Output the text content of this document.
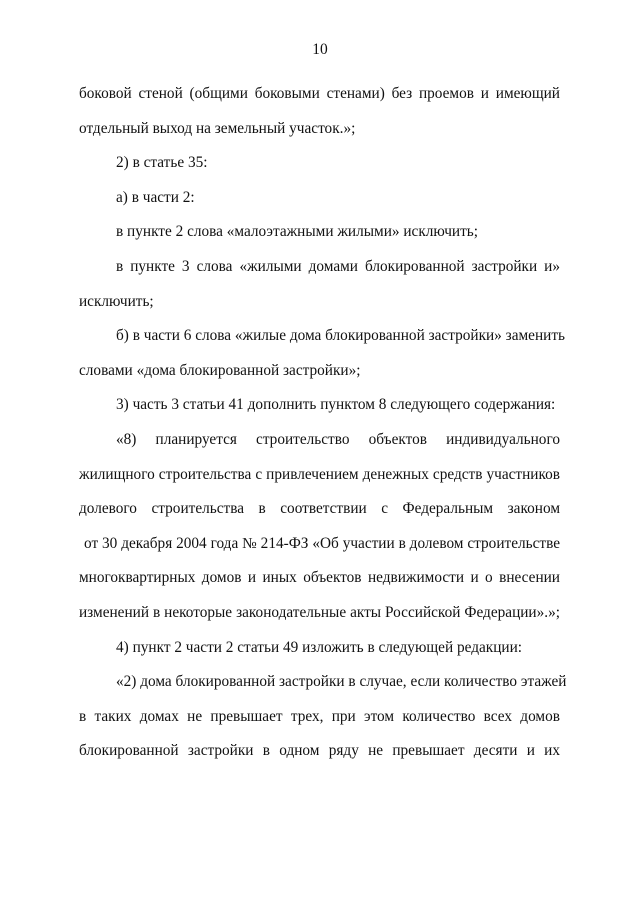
10
боковой стеной (общими боковыми стенами) без проемов и имеющий
отдельный выход на земельный участок.»;
2) в статье 35:
а) в части 2:
в пункте 2 слова «малоэтажными жилыми» исключить;
в пункте 3 слова «жилыми домами блокированной застройки и»
исключить;
б) в части 6 слова «жилые дома блокированной застройки» заменить
словами «дома блокированной застройки»;
3) часть 3 статьи 41 дополнить пунктом 8 следующего содержания:
«8) планируется строительство объектов индивидуального
жилищного строительства с привлечением денежных средств участников
долевого строительства в соответствии с Федеральным законом
от 30 декабря 2004 года № 214-ФЗ «Об участии в долевом строительстве
многоквартирных домов и иных объектов недвижимости и о внесении
изменений в некоторые законодательные акты Российской Федерации».»;
4) пункт 2 части 2 статьи 49 изложить в следующей редакции:
«2) дома блокированной застройки в случае, если количество этажей
в таких домах не превышает трех, при этом количество всех домов
блокированной застройки в одном ряду не превышает десяти и их
